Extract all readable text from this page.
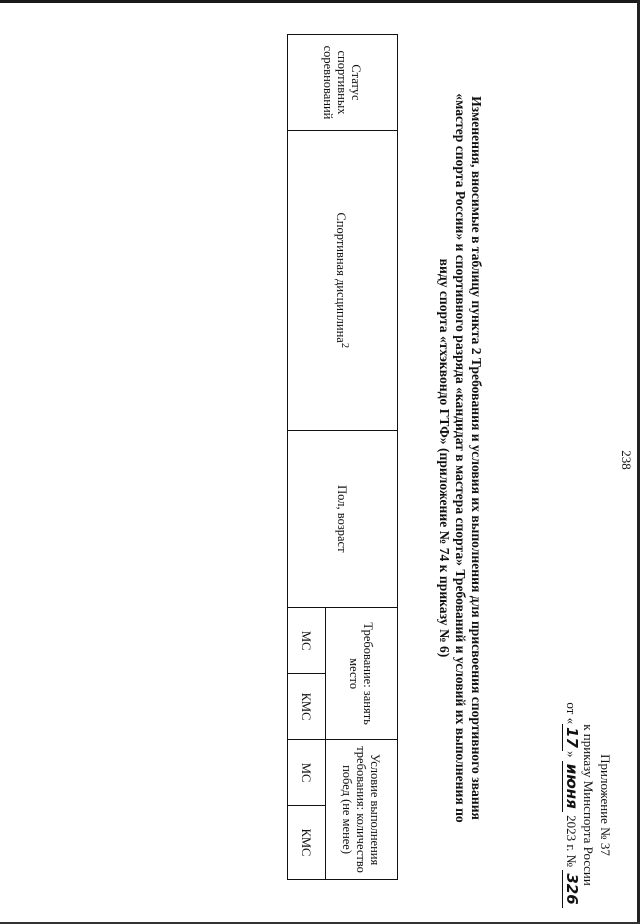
238
Приложение № 37
к приказу Минспорта России
от «17» июня 2023 г. № 326
Изменения, вносимые в таблицу пункта 2 Требования и условия их выполнения для присвоения спортивного звания
«мастер спорта России» и спортивного разряда «кандидат в мастера спорта» Требований и условий их выполнения по
виду спорта «тхэквондо ГТФ» (приложение № 74 к приказу № 6)
Статус спортивных соревнований	Спортивная дисциплина$^2$	Пол, возраст	Требование: занять место		Условие выполнения требования: количество побед (не менее)	
			МС	КМС	МС	КМС
